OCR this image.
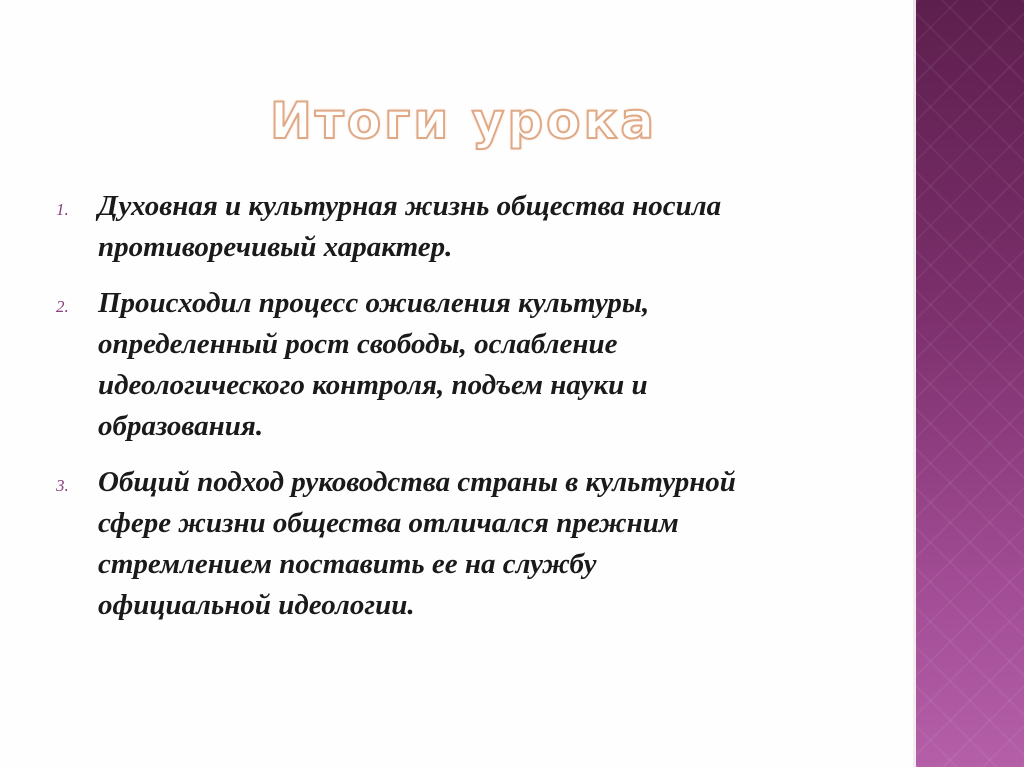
Итоги урока
1.	Духовная и культурная жизнь общества носила
противоречивый характер.
2.	Происходил процесс оживления культуры,
определенный рост свободы, ослабление
идеологического контроля, подъем науки и
образования.
3.	Общий подход руководства страны в культурной
сфере жизни общества отличался прежним
стремлением поставить ее на службу
официальной идеологии.
